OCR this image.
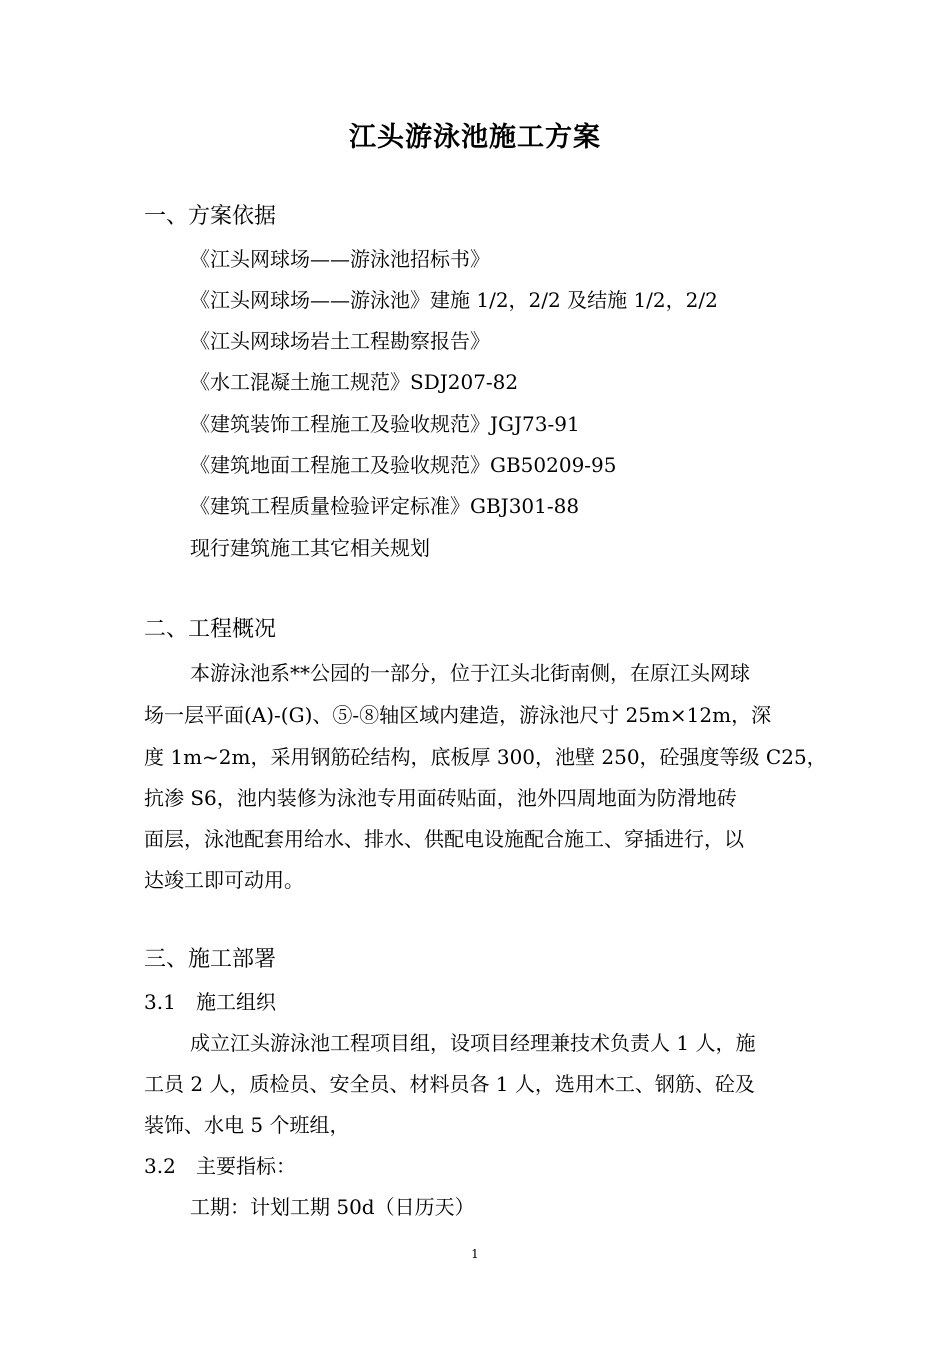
江头游泳池施工方案
一、方案依据
《江头网球场——游泳池招标书》
《江头网球场——游泳池》建施 1/2，2/2 及结施 1/2，2/2
《江头网球场岩土工程勘察报告》
《水工混凝土施工规范》SDJ207-82
《建筑装饰工程施工及验收规范》JGJ73-91
《建筑地面工程施工及验收规范》GB50209-95
《建筑工程质量检验评定标准》GBJ301-88
现行建筑施工其它相关规划
二、工程概况
本游泳池系**公园的一部分，位于江头北街南侧，在原江头网球
场一层平面(A)-(G)、⑤-⑧轴区域内建造，游泳池尺寸 25m×12m，深
度 1m~2m，采用钢筋砼结构，底板厚 300，池壁 250，砼强度等级 C25，
抗渗 S6，池内装修为泳池专用面砖贴面，池外四周地面为防滑地砖
面层，泳池配套用给水、排水、供配电设施配合施工、穿插进行，以
达竣工即可动用。
三、施工部署
3.1 施工组织
成立江头游泳池工程项目组，设项目经理兼技术负责人 1 人，施
工员 2 人，质检员、安全员、材料员各 1 人，选用木工、钢筋、砼及
装饰、水电 5 个班组，
3.2 主要指标：
工期：计划工期 50d（日历天）
1
